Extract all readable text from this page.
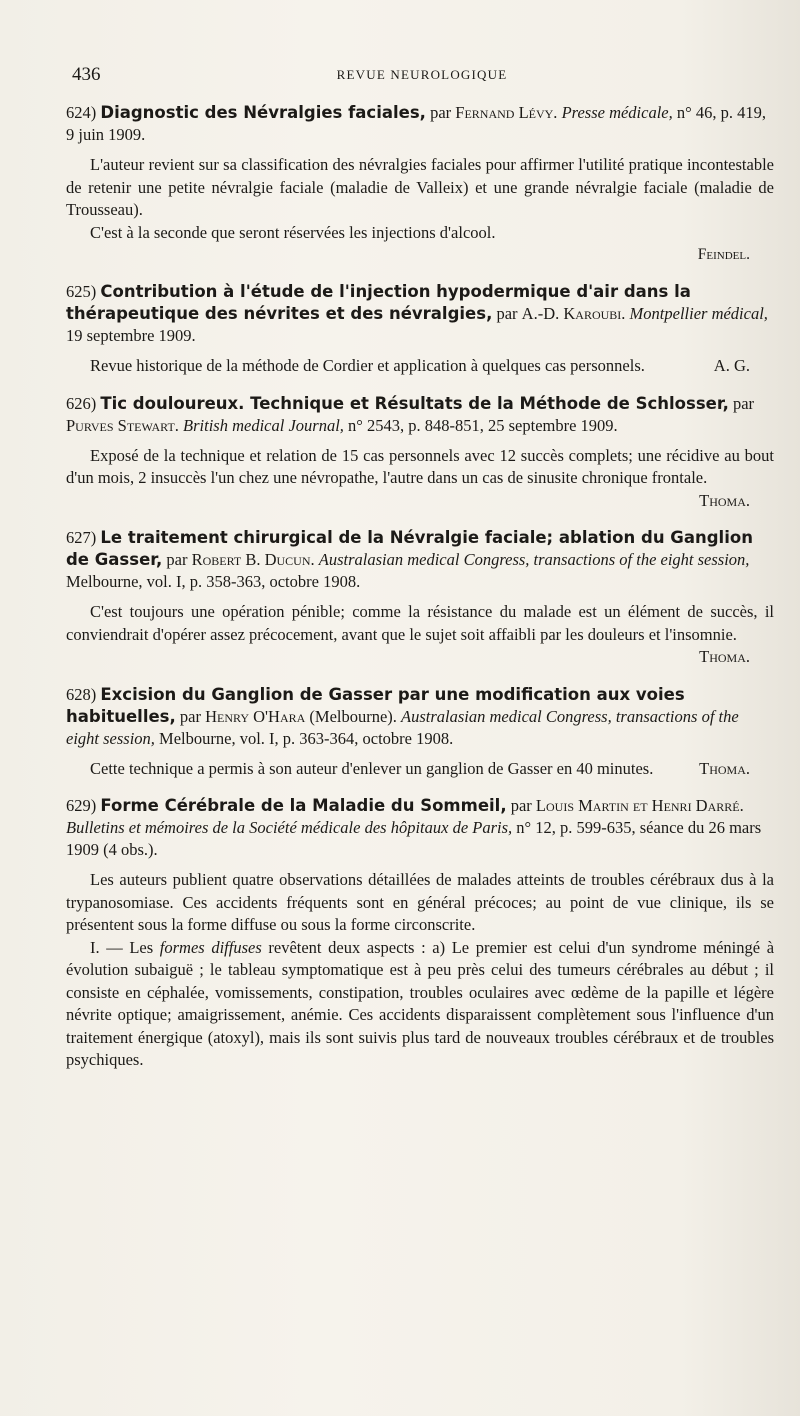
436	REVUE NEUROLOGIQUE

624) Diagnostic des Névralgies faciales, par Fernand Lévy. Presse médicale, n° 46, p. 419, 9 juin 1909.

L'auteur revient sur sa classification des névralgies faciales pour affirmer l'utilité pratique incontestable de retenir une petite névralgie faciale (maladie de Valleix) et une grande névralgie faciale (maladie de Trousseau).

C'est à la seconde que seront réservées les injections d'alcool.

Feindel.

625) Contribution à l'étude de l'injection hypodermique d'air dans la thérapeutique des névrites et des névralgies, par A.-D. Karoubi. Montpellier médical, 19 septembre 1909.

Revue historique de la méthode de Cordier et application à quelques cas personnels.	A. G.

626) Tic douloureux. Technique et Résultats de la Méthode de Schlosser, par Purves Stewart. British medical Journal, n° 2543, p. 848-851, 25 septembre 1909.

Exposé de la technique et relation de 15 cas personnels avec 12 succès complets; une récidive au bout d'un mois, 2 insuccès l'un chez une névropathe, l'autre dans un cas de sinusite chronique frontale.
Thoma.

627) Le traitement chirurgical de la Névralgie faciale; ablation du Ganglion de Gasser, par Robert B. Ducun. Australasian medical Congress, transactions of the eight session, Melbourne, vol. I, p. 358-363, octobre 1908.

C'est toujours une opération pénible; comme la résistance du malade est un élément de succès, il conviendrait d'opérer assez précocement, avant que le sujet soit affaibli par les douleurs et l'insomnie.
Thoma.

628) Excision du Ganglion de Gasser par une modification aux voies habituelles, par Henry O'Hara (Melbourne). Australasian medical Congress, transactions of the eight session, Melbourne, vol. I, p. 363-364, octobre 1908.

Cette technique a permis à son auteur d'enlever un ganglion de Gasser en 40 minutes.	Thoma.

629) Forme Cérébrale de la Maladie du Sommeil, par Louis Martin et Henri Darré. Bulletins et mémoires de la Société médicale des hôpitaux de Paris, n° 12, p. 599-635, séance du 26 mars 1909 (4 obs.).

Les auteurs publient quatre observations détaillées de malades atteints de troubles cérébraux dus à la trypanosomiase. Ces accidents fréquents sont en général précoces; au point de vue clinique, ils se présentent sous la forme diffuse ou sous la forme circonscrite.

I. — Les formes diffuses revêtent deux aspects : a) Le premier est celui d'un syndrome méningé à évolution subaiguë ; le tableau symptomatique est à peu près celui des tumeurs cérébrales au début ; il consiste en céphalée, vomissements, constipation, troubles oculaires avec œdème de la papille et légère névrite optique; amaigrissement, anémie. Ces accidents disparaissent complètement sous l'influence d'un traitement énergique (atoxyl), mais ils sont suivis plus tard de nouveaux troubles cérébraux et de troubles psychiques.
